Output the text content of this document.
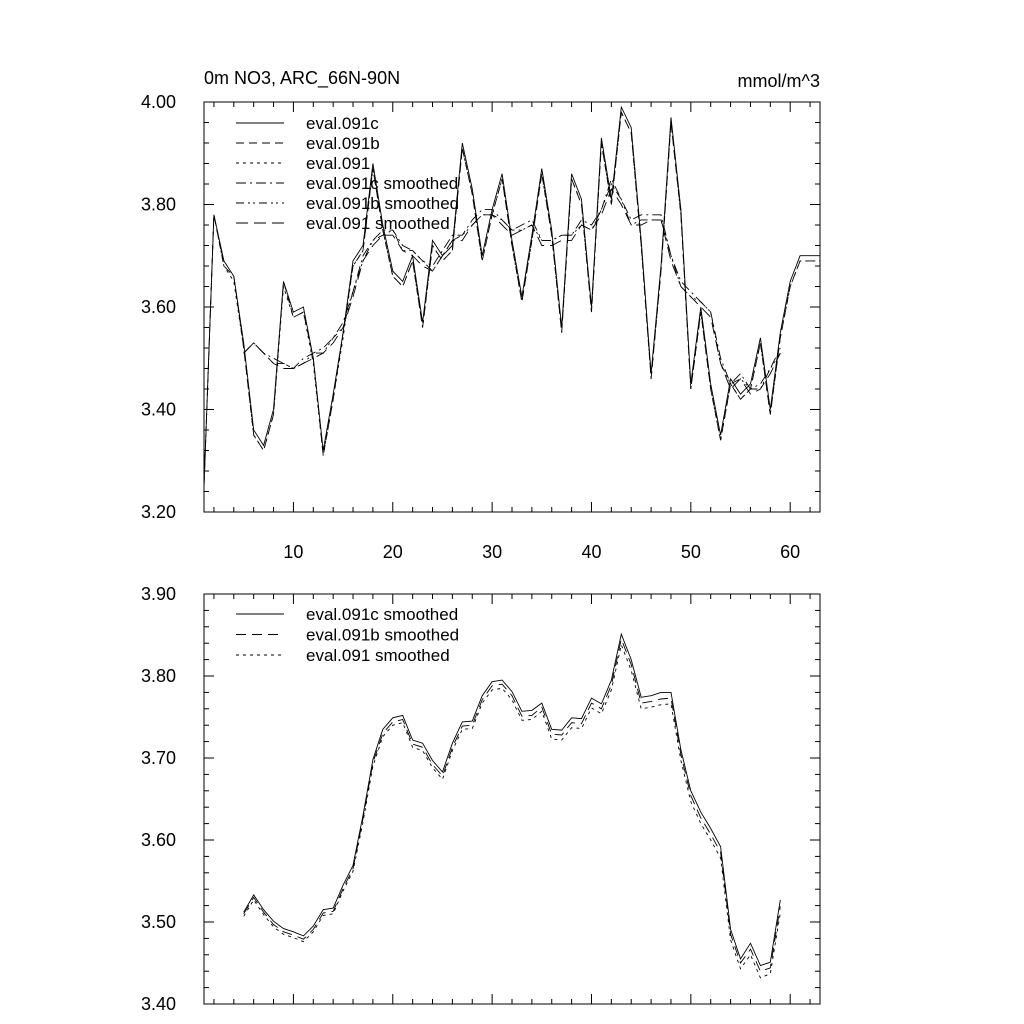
0m NO3, ARC_66N-90N	mmol/m^3
3.20
3.40
3.60
3.80
4.00
10	20	30	40	50	60
eval.091c
eval.091b
eval.091
eval.091c smoothed
eval.091b smoothed
eval.091 smoothed
3.40
3.50
3.60
3.70
3.80
3.90
eval.091c smoothed
eval.091b smoothed
eval.091 smoothed
